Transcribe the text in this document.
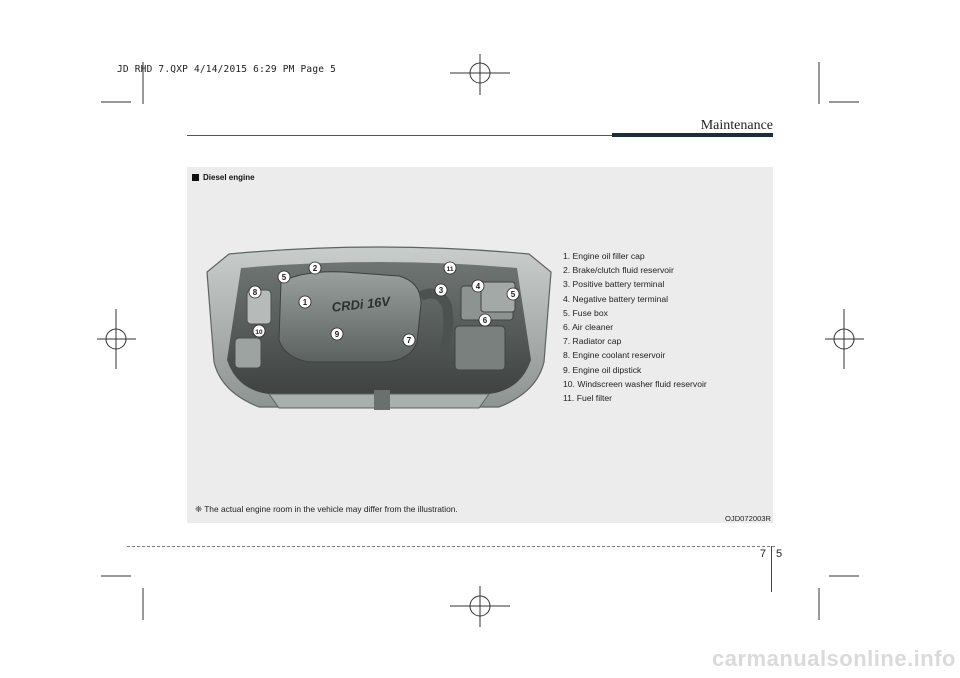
JD RHD 7.QXP 4/14/2015 6:29 PM Page 5
Maintenance
Diesel engine
CRDi 16V
1
2
3	4
5
5
6
7
8
9
10
11
1. Engine oil filler cap
2. Brake/clutch fluid reservoir
3. Positive battery terminal
4. Negative battery terminal
5. Fuse box
6. Air cleaner
7. Radiator cap
8. Engine coolant reservoir
9. Engine oil dipstick
10. Windscreen washer fluid reservoir
11. Fuel filter
❈ The actual engine room in the vehicle may differ from the illustration.
OJD072003R
7 5
carmanualsonline.info
